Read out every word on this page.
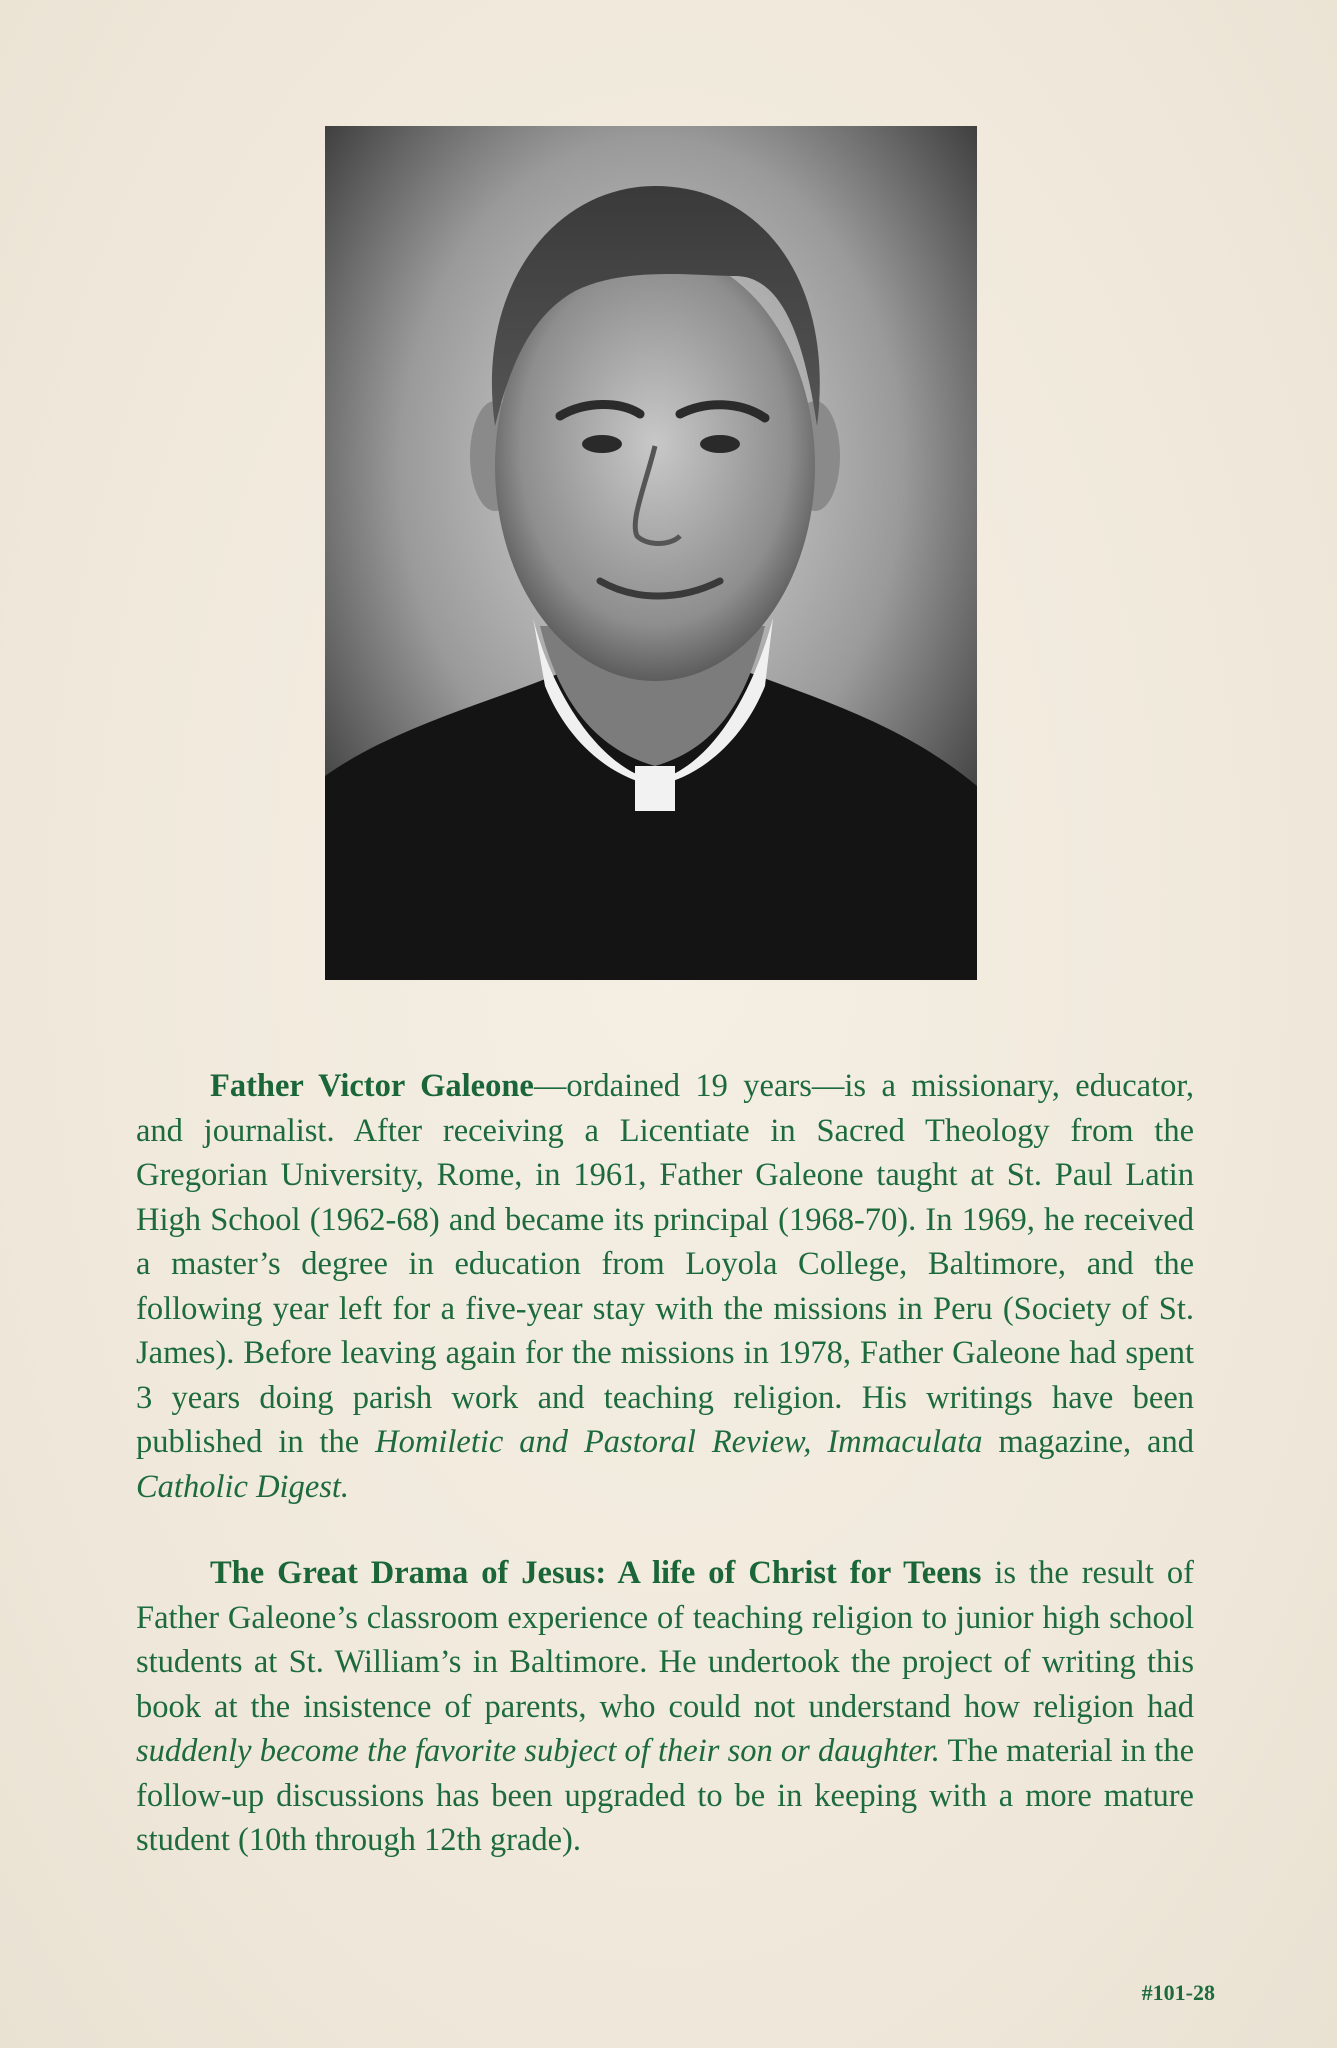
Father Victor Galeone—ordained 19 years—is a missionary, educator, and journalist. After receiving a Licentiate in Sacred Theology from the Gregorian University, Rome, in 1961, Father Galeone taught at St. Paul Latin High School (1962-68) and became its principal (1968-70). In 1969, he received a master’s degree in education from Loyola College, Baltimore, and the following year left for a five-year stay with the missions in Peru (Society of St. James). Before leaving again for the missions in 1978, Father Galeone had spent 3 years doing parish work and teaching religion. His writings have been published in the Homiletic and Pastoral Review, Immaculata magazine, and Catholic Digest.

The Great Drama of Jesus: A life of Christ for Teens is the result of Father Galeone’s classroom experience of teaching religion to junior high school students at St. William’s in Baltimore. He undertook the project of writing this book at the insistence of parents, who could not understand how religion had suddenly become the favorite subject of their son or daughter. The material in the follow-up discussions has been upgraded to be in keeping with a more mature student (10th through 12th grade).

#101-28
